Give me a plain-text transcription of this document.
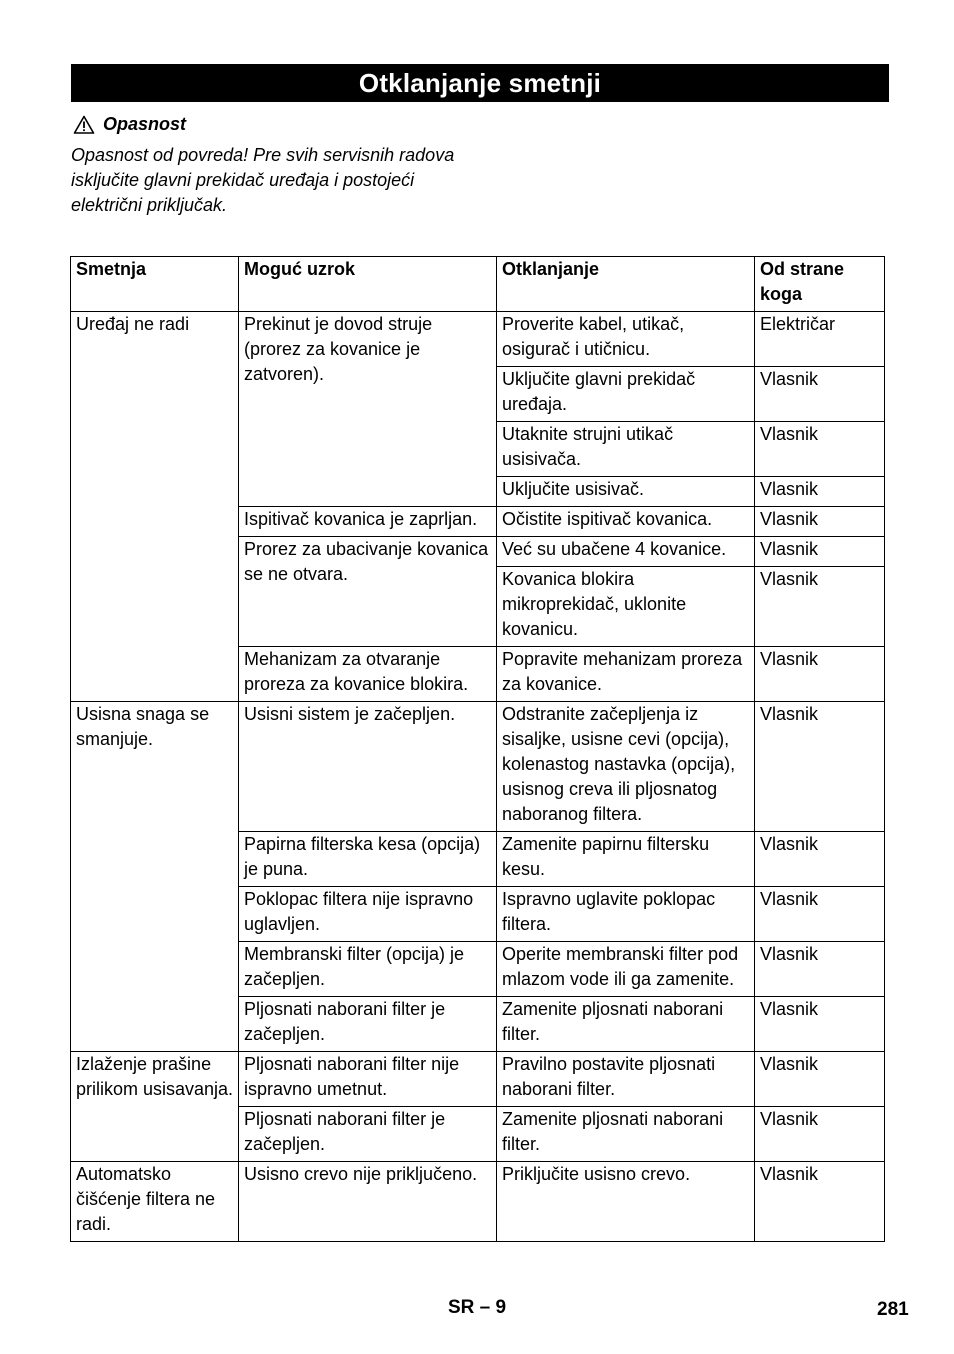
Otklanjanje smetnji
Opasnost
Opasnost od povreda! Pre svih servisnih radova isključite glavni prekidač uređaja i postojeći električni priključak.
Smetnja	Moguć uzrok	Otklanjanje	Od strane koga
Uređaj ne radi	Prekinut je dovod struje (prorez za kovanice je zatvoren).	Proverite kabel, utikač, osigurač i utičnicu.	Električar
		Uključite glavni prekidač uređaja.	Vlasnik
		Utaknite strujni utikač usisivača.	Vlasnik
		Uključite usisivač.	Vlasnik
	Ispitivač kovanica je zaprljan.	Očistite ispitivač kovanica.	Vlasnik
	Prorez za ubacivanje kovanica se ne otvara.	Već su ubačene 4 kovanice.	Vlasnik
		Kovanica blokira mikroprekidač, uklonite kovanicu.	Vlasnik
	Mehanizam za otvaranje proreza za kovanice blokira.	Popravite mehanizam proreza za kovanice.	Vlasnik
Usisna snaga se smanjuje.	Usisni sistem je začepljen.	Odstranite začepljenja iz sisaljke, usisne cevi (opcija), kolenastog nastavka (opcija), usisnog creva ili pljosnatog naboranog filtera.	Vlasnik
	Papirna filterska kesa (opcija) je puna.	Zamenite papirnu filtersku kesu.	Vlasnik
	Poklopac filtera nije ispravno uglavljen.	Ispravno uglavite poklopac filtera.	Vlasnik
	Membranski filter (opcija) je začepljen.	Operite membranski filter pod mlazom vode ili ga zamenite.	Vlasnik
	Pljosnati naborani filter je začepljen.	Zamenite pljosnati naborani filter.	Vlasnik
Izlaženje prašine prilikom usisavanja.	Pljosnati naborani filter nije ispravno umetnut.	Pravilno postavite pljosnati naborani filter.	Vlasnik
	Pljosnati naborani filter je začepljen.	Zamenite pljosnati naborani filter.	Vlasnik
Automatsko čišćenje filtera ne radi.	Usisno crevo nije priključeno.	Priključite usisno crevo.	Vlasnik
SR – 9	281
